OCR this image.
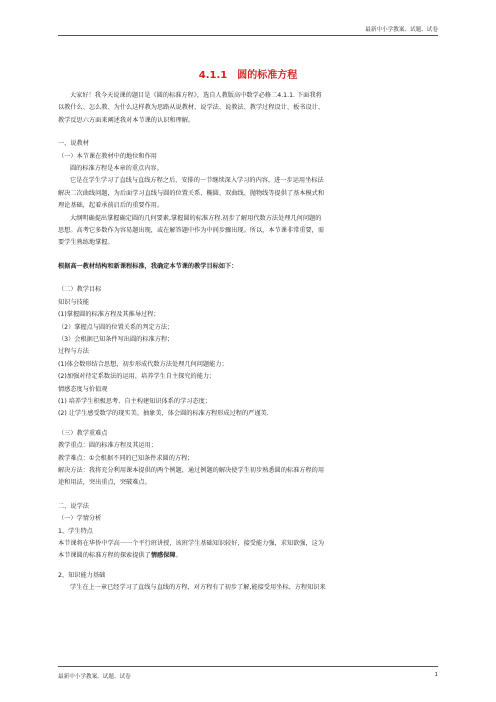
最新中小学教案、试题、试卷
4.1.1　圆的标准方程
大家好！我今天说课的题目是《圆的标准方程》，选自人教版高中数学必修二4.1.1. 下面我将
以教什么、怎么教、为什么这样教为思路从说教材、说学法、说教法、教学过程设计、板书设计、
教学反思六方面来阐述我对本节课的认识和理解。
一、说教材
（一）本节课在教材中的地位和作用
圆的标准方程是本章的重点内容。
它是在学生学习了直线与直线方程之后，安排的一节继续深入学习的内容，进一步运用坐标法
解决二次曲线问题，为后面学习直线与圆的位置关系、椭圆、双曲线、抛物线等提供了基本模式和
理论基础，起着承前启后的重要作用。
大纲明确提出掌握确定圆的几何要素,掌握圆的标准方程.初步了解用代数方法处理几何问题的
思想。高考它多数作为容易题出现，或在解答题中作为中间步骤出现。所以，本节课非常重要，需
要学生熟练地掌握。
根据高一教材结构和新课程标准，我确定本节课的教学目标如下：
（二）教学目标
知识与技能
(1)掌握圆的标准方程及其推导过程；
（2）掌握点与圆的位置关系的判定方法；
（3）会根据已知条件写出圆的标准方程；
过程与方法
(1)体会数形结合思想，初步形成代数方法处理几何问题能力；
(2)加强对待定系数法的运用，培养学生自主探究的能力；
情感态度与价值观
(1) 培养学生积极思考、自主构建知识体系的学习态度；
(2) 让学生感受数学的现实美、抽象美，体会圆的标准方程形成过程的严谨美.
（三）教学重难点
教学重点：圆的标准方程及其运用；
教学难点：①会根据不同的已知条件求圆的方程；
解决方法：我将充分利用课本提供的两个例题，通过例题的解决使学生初步熟悉圆的标准方程的用
途和用法，突出重点，突破难点。
二、说学法
（一）学情分析
1、学生特点
本节课将在华侨中学高一一个平行班讲授，该班学生基础知识较好，接受能力强，求知欲强，这为
本节课圆的标准方程的探索提供了情感保障。
2、知识能力基础
学生在上一章已经学习了直线与直线的方程，对方程有了初步了解,能接受用坐标、方程知识来
最新中小学教案、试题、试卷	1
